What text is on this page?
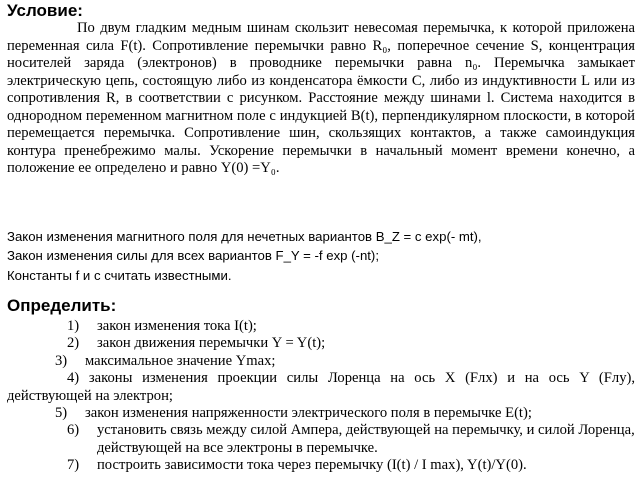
Условие:
По двум гладким медным шинам скользит невесомая перемычка, к которой приложена переменная сила F(t). Сопротивление перемычки равно R₀, поперечное сечение S, концентрация носителей заряда (электронов) в проводнике перемычки равна n₀. Перемычка замыкает электрическую цепь, состоящую либо из конденсатора ёмкости C, либо из индуктивности L или из сопротивления R, в соответствии с рисунком. Расстояние между шинами l. Система находится в однородном переменном магнитном поле с индукцией B(t), перпендикулярном плоскости, в которой перемещается перемычка. Сопротивление шин, скользящих контактов, а также самоиндукция контура пренебрежимо малы. Ускорение перемычки в начальный момент времени конечно, а положение ее определено и равно Y(0) =Y₀.
Закон изменения магнитного поля для нечетных вариантов B_Z = c exp(- mt),
Закон изменения силы для всех вариантов F_Y = -f exp (-nt);
Константы f и c считать известными.
Определить:
1)	закон изменения тока I(t);
2)	закон движения перемычки Y = Y(t);
3)	максимальное значение Ymax;
4) законы изменения проекции силы Лоренца на ось X (Fлх) и на ось Y (Fлу), действующей на электрон;
5)	закон изменения напряженности электрического поля в перемычке E(t);
6)	установить связь между силой Ампера, действующей на перемычку, и силой Лоренца, действующей на все электроны в перемычке.
7)	построить зависимости тока через перемычку (I(t) / I max), Y(t)/Y(0).
